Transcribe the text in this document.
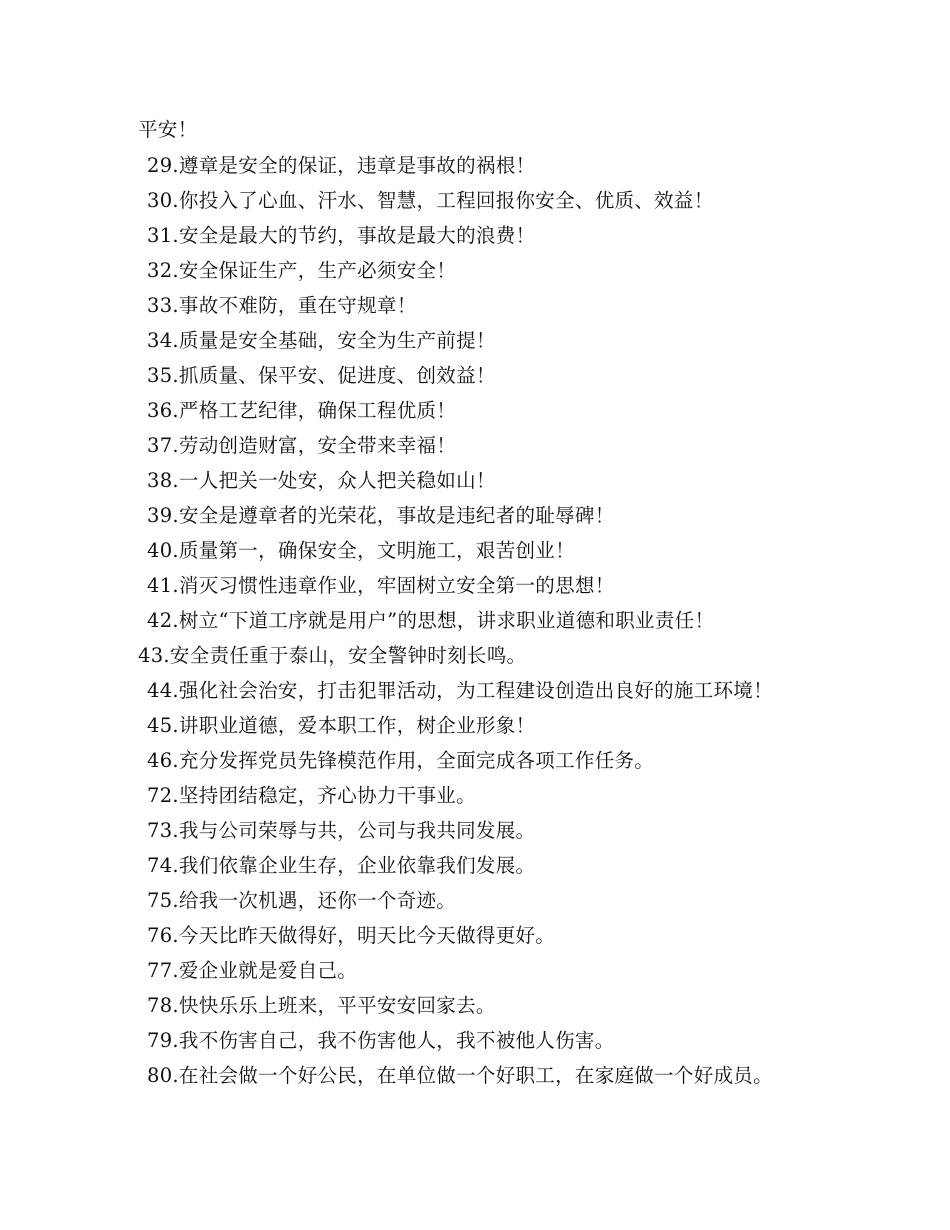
平安！
29.遵章是安全的保证，违章是事故的祸根！
30.你投入了心血、汗水、智慧，工程回报你安全、优质、效益！
31.安全是最大的节约，事故是最大的浪费！
32.安全保证生产，生产必须安全！
33.事故不难防，重在守规章！
34.质量是安全基础，安全为生产前提！
35.抓质量、保平安、促进度、创效益！
36.严格工艺纪律，确保工程优质！
37.劳动创造财富，安全带来幸福！
38.一人把关一处安，众人把关稳如山！
39.安全是遵章者的光荣花，事故是违纪者的耻辱碑！
40.质量第一，确保安全，文明施工，艰苦创业！
41.消灭习惯性违章作业，牢固树立安全第一的思想！
42.树立“下道工序就是用户”的思想，讲求职业道德和职业责任！
43.安全责任重于泰山，安全警钟时刻长鸣。
44.强化社会治安，打击犯罪活动，为工程建设创造出良好的施工环境！
45.讲职业道德，爱本职工作，树企业形象！
46.充分发挥党员先锋模范作用，全面完成各项工作任务。
72.坚持团结稳定，齐心协力干事业。
73.我与公司荣辱与共，公司与我共同发展。
74.我们依靠企业生存，企业依靠我们发展。
75.给我一次机遇，还你一个奇迹。
76.今天比昨天做得好，明天比今天做得更好。
77.爱企业就是爱自己。
78.快快乐乐上班来，平平安安回家去。
79.我不伤害自己，我不伤害他人，我不被他人伤害。
80.在社会做一个好公民，在单位做一个好职工，在家庭做一个好成员。
